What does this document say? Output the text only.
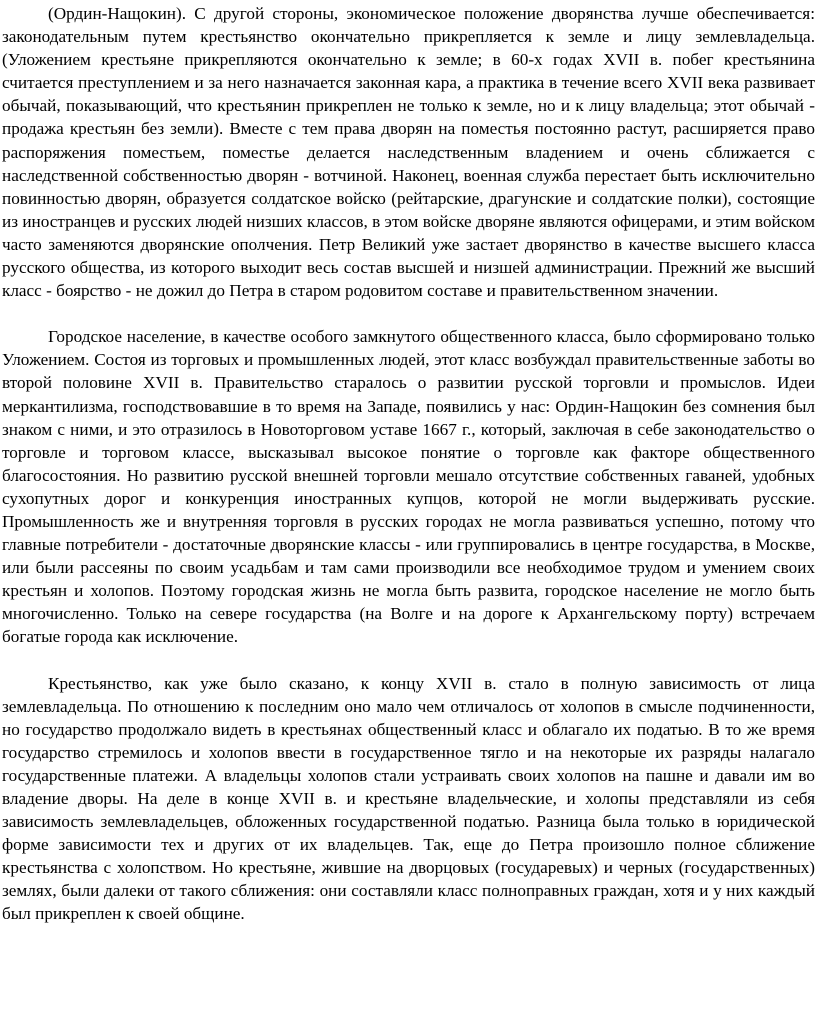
(Ордин-Нащокин). С другой стороны, экономическое положение дворянства лучше обеспечивается: законодательным путем крестьянство окончательно прикрепляется к земле и лицу землевладельца. (Уложением крестьяне прикрепляются окончательно к земле; в 60-х годах XVII в. побег крестьянина считается преступлением и за него назначается законная кара, а практика в течение всего XVII века развивает обычай, показывающий, что крестьянин прикреплен не только к земле, но и к лицу владельца; этот обычай - продажа крестьян без земли). Вместе с тем права дворян на поместья постоянно растут, расширяется право распоряжения поместьем, поместье делается наследственным владением и очень сближается с наследственной собственностью дворян - вотчиной. Наконец, военная служба перестает быть исключительно повинностью дворян, образуется солдатское войско (рейтарские, драгунские и солдатские полки), состоящие из иностранцев и русских людей низших классов, в этом войске дворяне являются офицерами, и этим войском часто заменяются дворянские ополчения. Петр Великий уже застает дворянство в качестве высшего класса русского общества, из которого выходит весь состав высшей и низшей администрации. Прежний же высший класс - боярство - не дожил до Петра в старом родовитом составе и правительственном значении.

Городское население, в качестве особого замкнутого общественного класса, было сформировано только Уложением. Состоя из торговых и промышленных людей, этот класс возбуждал правительственные заботы во второй половине XVII в. Правительство старалось о развитии русской торговли и промыслов. Идеи меркантилизма, господствовавшие в то время на Западе, появились у нас: Ордин-Нащокин без сомнения был знаком с ними, и это отразилось в Новоторговом уставе 1667 г., который, заключая в себе законодательство о торговле и торговом классе, высказывал высокое понятие о торговле как факторе общественного благосостояния. Но развитию русской внешней торговли мешало отсутствие собственных гаваней, удобных сухопутных дорог и конкуренция иностранных купцов, которой не могли выдерживать русские. Промышленность же и внутренняя торговля в русских городах не могла развиваться успешно, потому что главные потребители - достаточные дворянские классы - или группировались в центре государства, в Москве, или были рассеяны по своим усадьбам и там сами производили все необходимое трудом и умением своих крестьян и холопов. Поэтому городская жизнь не могла быть развита, городское население не могло быть многочисленно. Только на севере государства (на Волге и на дороге к Архангельскому порту) встречаем богатые города как исключение.

Крестьянство, как уже было сказано, к концу XVII в. стало в полную зависимость от лица землевладельца. По отношению к последним оно мало чем отличалось от холопов в смысле подчиненности, но государство продолжало видеть в крестьянах общественный класс и облагало их податью. В то же время государство стремилось и холопов ввести в государственное тягло и на некоторые их разряды налагало государственные платежи. А владельцы холопов стали устраивать своих холопов на пашне и давали им во владение дворы. На деле в конце XVII в. и крестьяне владельческие, и холопы представляли из себя зависимость землевладельцев, обложенных государственной податью. Разница была только в юридической форме зависимости тех и других от их владельцев. Так, еще до Петра произошло полное сближение крестьянства с холопством. Но крестьяне, жившие на дворцовых (государевых) и черных (государственных) землях, были далеки от такого сближения: они составляли класс полноправных граждан, хотя и у них каждый был прикреплен к своей общине.
